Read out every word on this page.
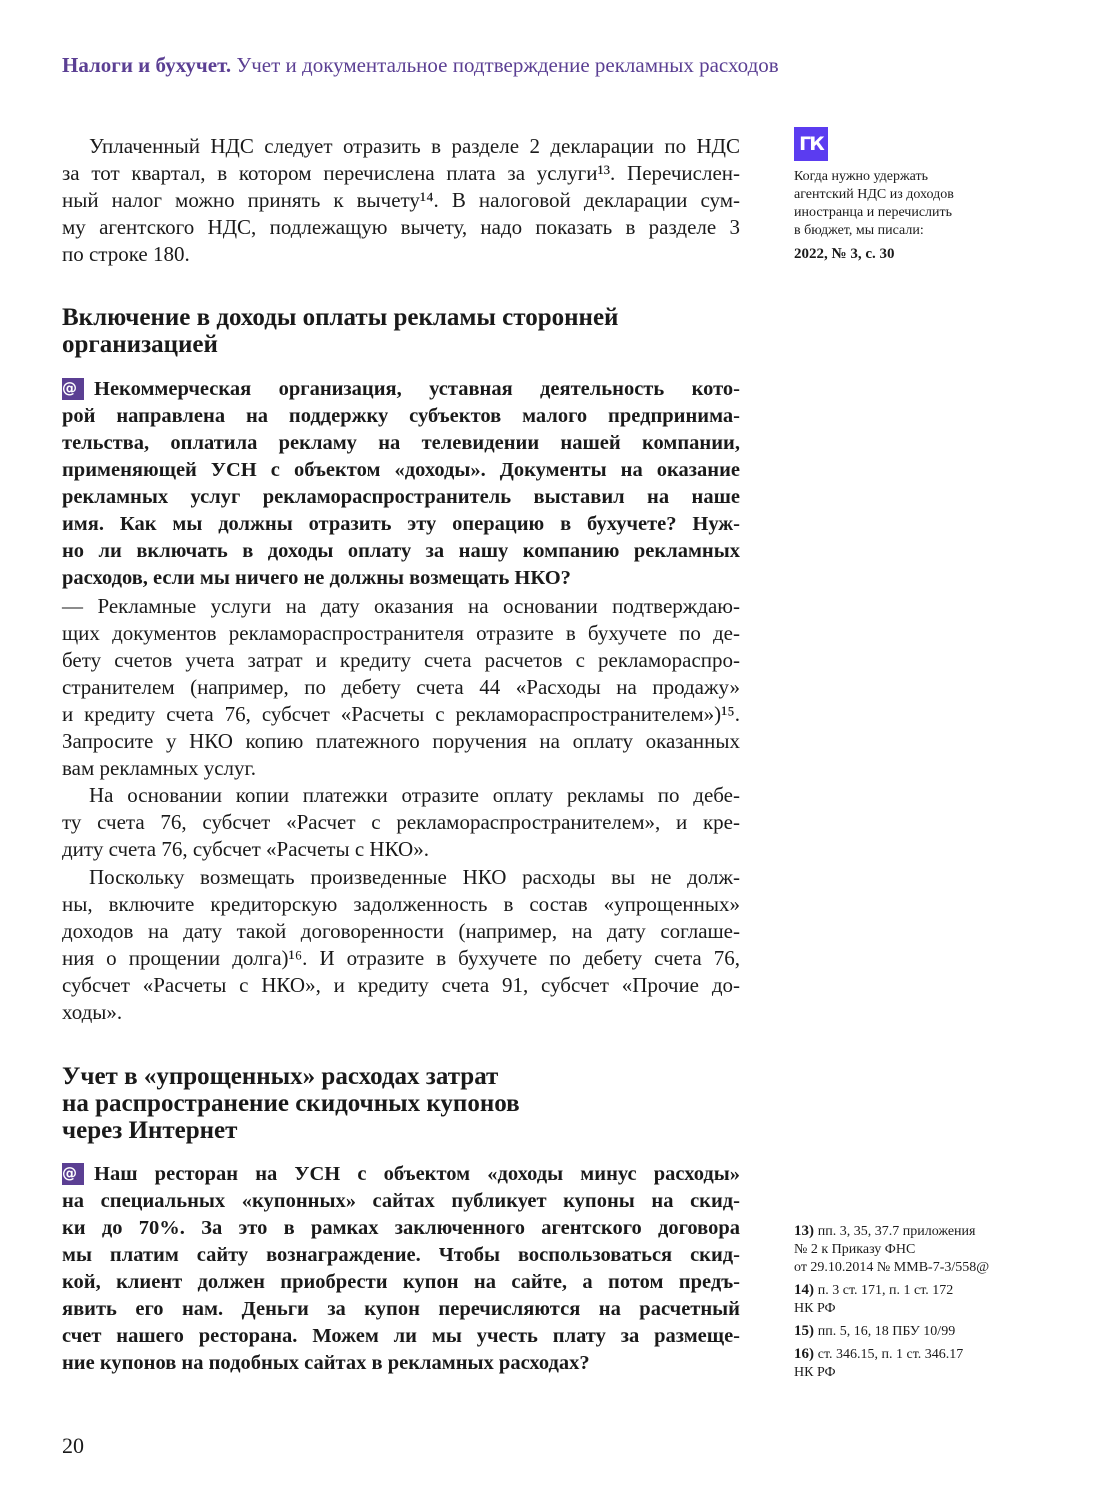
Налоги и бухучет. Учет и документальное подтверждение рекламных расходов
ГК
Когда нужно удержать
агентский НДС из доходов
иностранца и перечислить
в бюджет, мы писали:
2022, № 3, с. 30
Уплаченный НДС следует отразить в разделе 2 декларации по НДС
за тот квартал, в котором перечислена плата за услуги¹³. Перечислен-
ный налог можно принять к вычету¹⁴. В налоговой декларации сум-
му агентского НДС, подлежащую вычету, надо показать в разделе 3
по строке 180.
Включение в доходы оплаты рекламы сторонней
организацией
@ Некоммерческая организация, уставная деятельность кото-
рой направлена на поддержку субъектов малого предпринима-
тельства, оплатила рекламу на телевидении нашей компании,
применяющей УСН с объектом «доходы». Документы на оказание
рекламных услуг рекламораспространитель выставил на наше
имя. Как мы должны отразить эту операцию в бухучете? Нуж-
но ли включать в доходы оплату за нашу компанию рекламных
расходов, если мы ничего не должны возмещать НКО?
— Рекламные услуги на дату оказания на основании подтверждаю-
щих документов рекламораспространителя отразите в бухучете по де-
бету счетов учета затрат и кредиту счета расчетов с рекламораспро-
странителем (например, по дебету счета 44 «Расходы на продажу»
и кредиту счета 76, субсчет «Расчеты с рекламораспространителем»)¹⁵.
Запросите у НКО копию платежного поручения на оплату оказанных
вам рекламных услуг.
На основании копии платежки отразите оплату рекламы по дебе-
ту счета 76, субсчет «Расчет с рекламораспространителем», и кре-
диту счета 76, субсчет «Расчеты с НКО».
Поскольку возмещать произведенные НКО расходы вы не долж-
ны, включите кредиторскую задолженность в состав «упрощенных»
доходов на дату такой договоренности (например, на дату соглаше-
ния о прощении долга)¹⁶. И отразите в бухучете по дебету счета 76,
субсчет «Расчеты с НКО», и кредиту счета 91, субсчет «Прочие до-
ходы».
Учет в «упрощенных» расходах затрат
на распространение скидочных купонов
через Интернет
@ Наш ресторан на УСН с объектом «доходы минус расходы»
на специальных «купонных» сайтах публикует купоны на скид-
ки до 70%. За это в рамках заключенного агентского договора
мы платим сайту вознаграждение. Чтобы воспользоваться скид-
кой, клиент должен приобрести купон на сайте, а потом предъ-
явить его нам. Деньги за купон перечисляются на расчетный
счет нашего ресторана. Можем ли мы учесть плату за размеще-
ние купонов на подобных сайтах в рекламных расходах?
13) пп. 3, 35, 37.7 приложения
№ 2 к Приказу ФНС
от 29.10.2014 № ММВ-7-3/558@
14) п. 3 ст. 171, п. 1 ст. 172
НК РФ
15) пп. 5, 16, 18 ПБУ 10/99
16) ст. 346.15, п. 1 ст. 346.17
НК РФ
20
